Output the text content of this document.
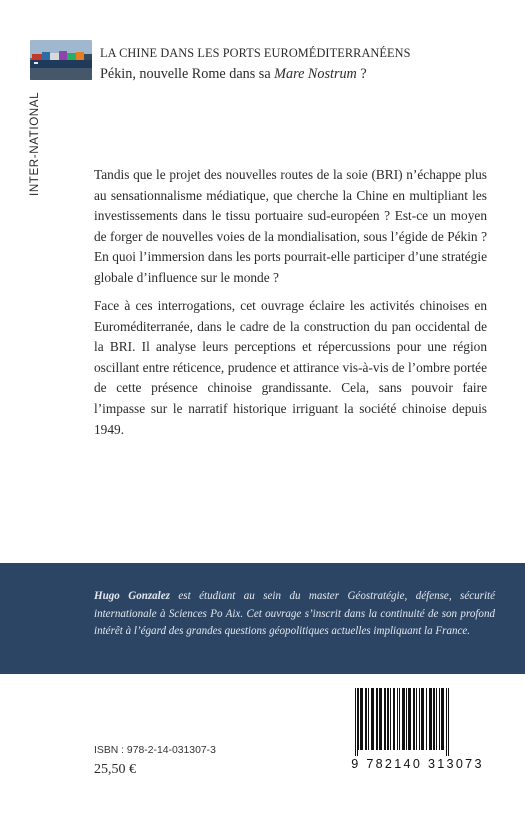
LA CHINE DANS LES PORTS EUROMÉDITERRANÉENS
Pékin, nouvelle Rome dans sa Mare Nostrum ?
INTER-NATIONAL	Tandis que le projet des nouvelles routes de la soie (BRI) n’échappe plus au sensationnalisme médiatique, que cherche la Chine en multipliant les investissements dans le tissu portuaire sud-européen ? Est-ce un moyen de forger de nouvelles voies de la mondialisation, sous l’égide de Pékin ? En quoi l’immersion dans les ports pourrait-elle participer d’une stratégie globale d’influence sur le monde ?

Face à ces interrogations, cet ouvrage éclaire les activités chinoises en Euroméditerranée, dans le cadre de la construction du pan occidental de la BRI. Il analyse leurs perceptions et répercussions pour une région oscillant entre réticence, prudence et attirance vis-à-vis de l’ombre portée de cette présence chinoise grandissante. Cela, sans pouvoir faire l’impasse sur le narratif historique irriguant la société chinoise depuis 1949.

Hugo Gonzalez est étudiant au sein du master Géostratégie, défense, sécurité internationale à Sciences Po Aix. Cet ouvrage s’inscrit dans la continuité de son profond intérêt à l’égard des grandes questions géopolitiques actuelles impliquant la France.

ISBN : 978-2-14-031307-3
25,50 €	9 782140 313073
